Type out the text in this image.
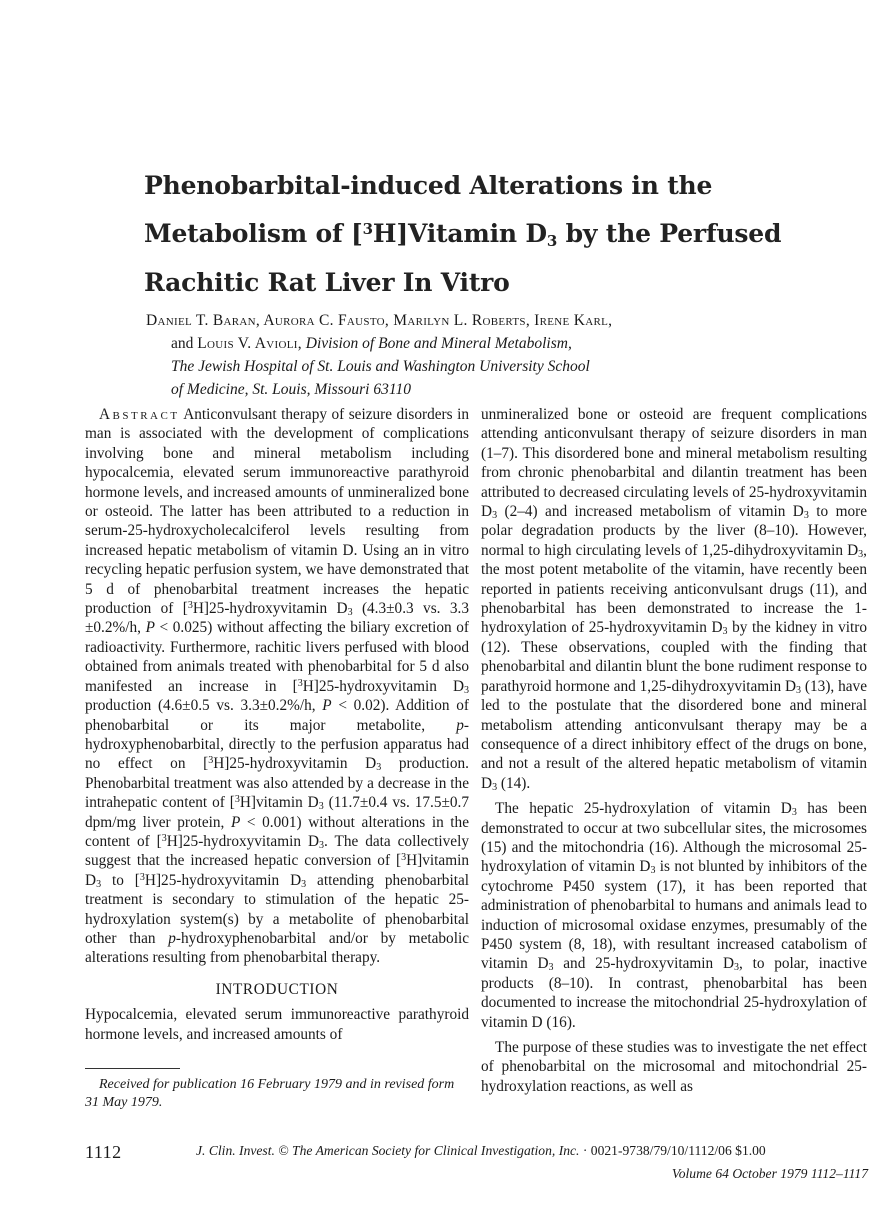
Phenobarbital-induced Alterations in the
Metabolism of [$^3$H]Vitamin D3 by the Perfused
Rachitic Rat Liver In Vitro
Daniel T. Baran, Aurora C. Fausto, Marilyn L. Roberts, Irene Karl,
and Louis V. Avioli, Division of Bone and Mineral Metabolism,
The Jewish Hospital of St. Louis and Washington University School
of Medicine, St. Louis, Missouri 63110

Abstract Anticonvulsant therapy of seizure disorders in man is associated with the development of complications involving bone and mineral metabolism including hypocalcemia, elevated serum immunoreactive parathyroid hormone levels, and increased amounts of unmineralized bone or osteoid. The latter has been attributed to a reduction in serum-25-hydroxycholecalciferol levels resulting from increased hepatic metabolism of vitamin D. Using an in vitro recycling hepatic perfusion system, we have demonstrated that 5 d of phenobarbital treatment increases the hepatic production of [$^3$H]25-hydroxyvitamin $D_3$ (4.3±0.3 vs. 3.3 ±0.2%/h, P < 0.025) without affecting the biliary excretion of radioactivity. Furthermore, rachitic livers perfused with blood obtained from animals treated with phenobarbital for 5 d also manifested an increase in [$^3$H]25-hydroxyvitamin $D_3$ production (4.6±0.5 vs. 3.3±0.2%/h, P < 0.02). Addition of phenobarbital or its major metabolite, p-hydroxyphenobarbital, directly to the perfusion apparatus had no effect on [$^3$H]25-hydroxyvitamin $D_3$ production. Phenobarbital treatment was also attended by a decrease in the intrahepatic content of [$^3$H]vitamin $D_3$ (11.7±0.4 vs. 17.5±0.7 dpm/mg liver protein, P < 0.001) without alterations in the content of [$^3$H]25-hydroxyvitamin $D_3$. The data collectively suggest that the increased hepatic conversion of [$^3$H]vitamin $D_3$ to [$^3$H]25-hydroxyvitamin $D_3$ attending phenobarbital treatment is secondary to stimulation of the hepatic 25-hydroxylation system(s) by a metabolite of phenobarbital other than p-hydroxyphenobarbital and/or by metabolic alterations resulting from phenobarbital therapy.

INTRODUCTION

Hypocalcemia, elevated serum immunoreactive parathyroid hormone levels, and increased amounts of

Received for publication 16 February 1979 and in revised form 31 May 1979.

unmineralized bone or osteoid are frequent complications attending anticonvulsant therapy of seizure disorders in man (1–7). This disordered bone and mineral metabolism resulting from chronic phenobarbital and dilantin treatment has been attributed to decreased circulating levels of 25-hydroxyvitamin $D_3$ (2–4) and increased metabolism of vitamin $D_3$ to more polar degradation products by the liver (8–10). However, normal to high circulating levels of 1,25-dihydroxyvitamin $D_3$, the most potent metabolite of the vitamin, have recently been reported in patients receiving anticonvulsant drugs (11), and phenobarbital has been demonstrated to increase the 1-hydroxylation of 25-hydroxyvitamin $D_3$ by the kidney in vitro (12). These observations, coupled with the finding that phenobarbital and dilantin blunt the bone rudiment response to parathyroid hormone and 1,25-dihydroxyvitamin $D_3$ (13), have led to the postulate that the disordered bone and mineral metabolism attending anticonvulsant therapy may be a consequence of a direct inhibitory effect of the drugs on bone, and not a result of the altered hepatic metabolism of vitamin $D_3$ (14).

The hepatic 25-hydroxylation of vitamin $D_3$ has been demonstrated to occur at two subcellular sites, the microsomes (15) and the mitochondria (16). Although the microsomal 25-hydroxylation of vitamin $D_3$ is not blunted by inhibitors of the cytochrome P450 system (17), it has been reported that administration of phenobarbital to humans and animals lead to induction of microsomal oxidase enzymes, presumably of the P450 system (8, 18), with resultant increased catabolism of vitamin $D_3$ and 25-hydroxyvitamin $D_3$, to polar, inactive products (8–10). In contrast, phenobarbital has been documented to increase the mitochondrial 25-hydroxylation of vitamin D (16).

The purpose of these studies was to investigate the net effect of phenobarbital on the microsomal and mitochondrial 25-hydroxylation reactions, as well as

1112	J. Clin. Invest. © The American Society for Clinical Investigation, Inc. · 0021-9738/79/10/1112/06 $1.00
Volume 64 October 1979 1112–1117
